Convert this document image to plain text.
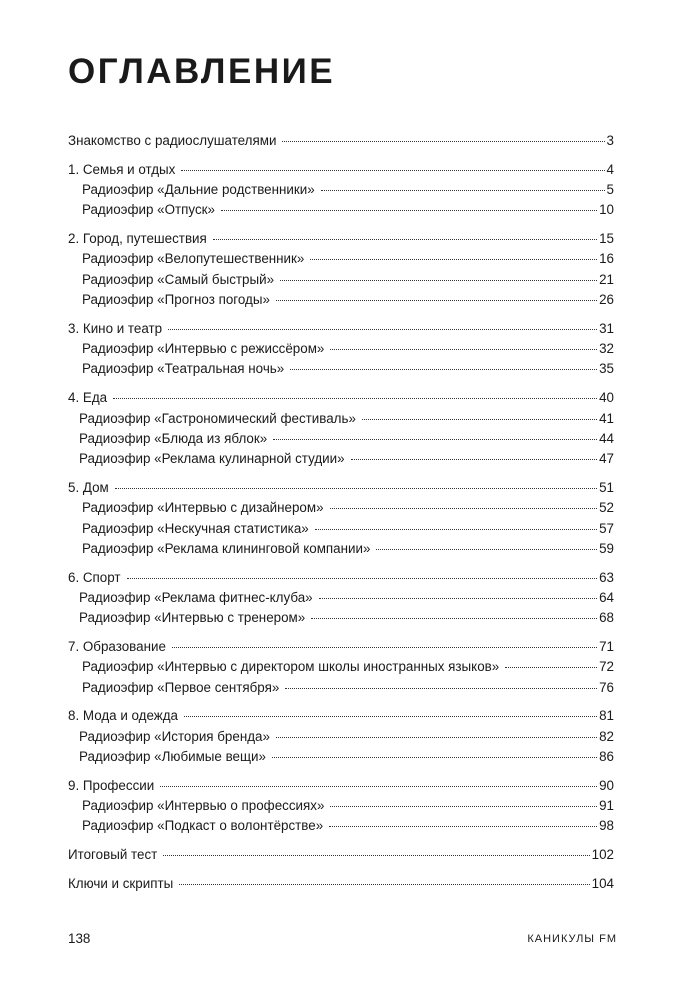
ОГЛАВЛЕНИЕ
Знакомство с радиослушателями	3
1. Семья и отдых	4
Радиоэфир «Дальние родственники»	5
Радиоэфир «Отпуск»	10
2. Город, путешествия	15
Радиоэфир «Велопутешественник»	16
Радиоэфир «Самый быстрый»	21
Радиоэфир «Прогноз погоды»	26
3. Кино и театр	31
Радиоэфир «Интервью с режиссёром»	32
Радиоэфир «Театральная ночь»	35
4. Еда	40
Радиоэфир «Гастрономический фестиваль»	41
Радиоэфир «Блюда из яблок»	44
Радиоэфир «Реклама кулинарной студии»	47
5. Дом	51
Радиоэфир «Интервью с дизайнером»	52
Радиоэфир «Нескучная статистика»	57
Радиоэфир «Реклама клининговой компании»	59
6. Спорт	63
Радиоэфир «Реклама фитнес-клуба»	64
Радиоэфир «Интервью с тренером»	68
7. Образование	71
Радиоэфир «Интервью с директором школы иностранных языков»	72
Радиоэфир «Первое сентября»	76
8. Мода и одежда	81
Радиоэфир «История бренда»	82
Радиоэфир «Любимые вещи»	86
9. Профессии	90
Радиоэфир «Интервью о профессиях»	91
Радиоэфир «Подкаст о волонтёрстве»	98
Итоговый тест	102
Ключи и скрипты	104
138	КАНИКУЛЫ FM
